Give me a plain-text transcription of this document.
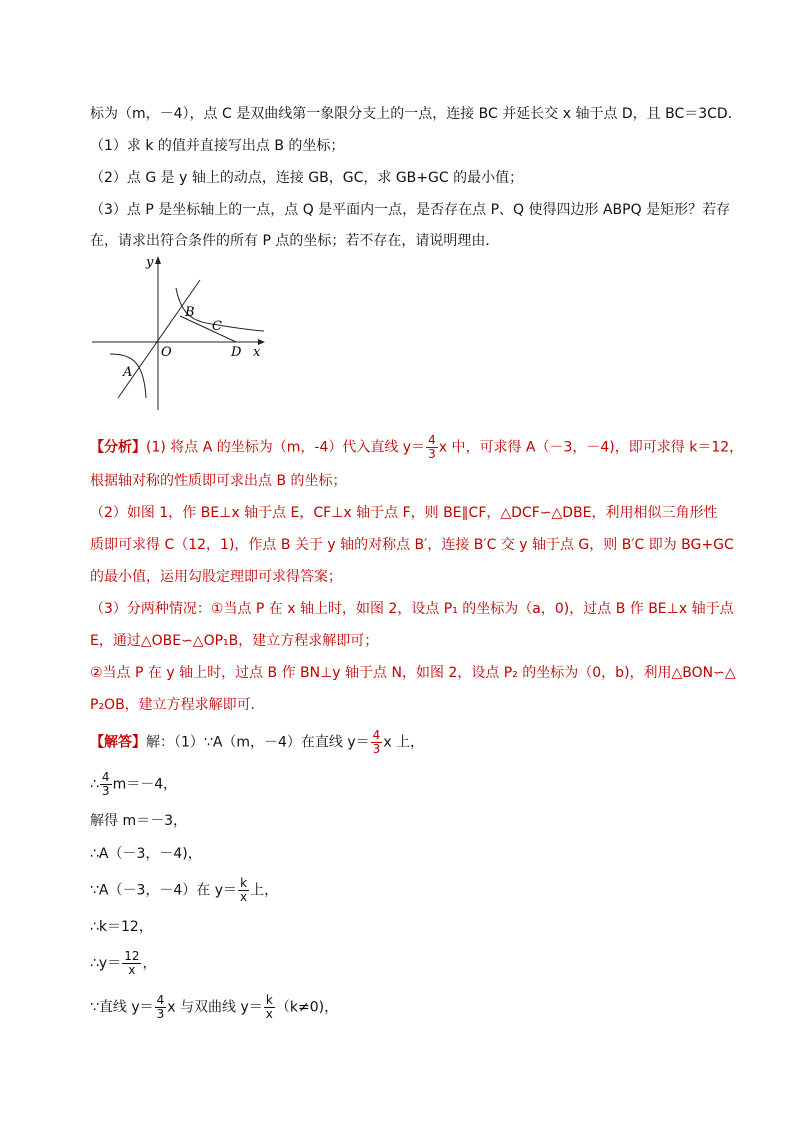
标为（m，－4），点 C 是双曲线第一象限分支上的一点，连接 BC 并延长交 x 轴于点 D，且 BC＝3CD．
（1）求 k 的值并直接写出点 B 的坐标；
（2）点 G 是 y 轴上的动点，连接 GB，GC，求 GB+GC 的最小值；
（3）点 P 是坐标轴上的一点，点 Q 是平面内一点，是否存在点 P、Q 使得四边形 ABPQ 是矩形？若存
在，请求出符合条件的所有 P 点的坐标；若不存在，请说明理由．
y
x
O
A
B
C
D
【分析】(1) 将点 A 的坐标为（m，-4）代入直线 $y= \frac{4}{3}$ x 中，可求得 A（－3，－4)，即可求得 k＝12，
根据轴对称的性质即可求出点 B 的坐标；
（2）如图 1，作 BE⊥x 轴于点 E，CF⊥x 轴于点 F，则 BE∥CF，△DCF∽△DBE，利用相似三角形性
质即可求得 C（12，1)，作点 B 关于 y 轴的对称点 B′，连接 B′C 交 y 轴于点 G，则 B′C 即为 BG+GC
的最小值，运用勾股定理即可求得答案；
（3）分两种情况：①当点 P 在 x 轴上时，如图 2，设点 P₁ 的坐标为（a，0)，过点 B 作 BE⊥x 轴于点
E，通过△OBE∽△OP₁B，建立方程求解即可；
②当点 P 在 y 轴上时，过点 B 作 BN⊥y 轴于点 N，如图 2，设点 P₂ 的坐标为（0，b)，利用△BON∽△
P₂OB，建立方程求解即可．
【解答】解：（1）∵A（m，－4）在直线 $y= \frac{4}{3}$ x 上，
∴ $\frac{4}{3} m=-4$，
解得 m＝－3，
∴A（－3，－4)，
∵A（－3，－4）在 $y= \frac{k}{x}$ 上，
∴k＝12，
∴y＝ $\frac{12}{x}$ ，
∵直线 $y= \frac{4}{3}$ x 与双曲线 $y= \frac{k}{x} (k\ne 0)$，
